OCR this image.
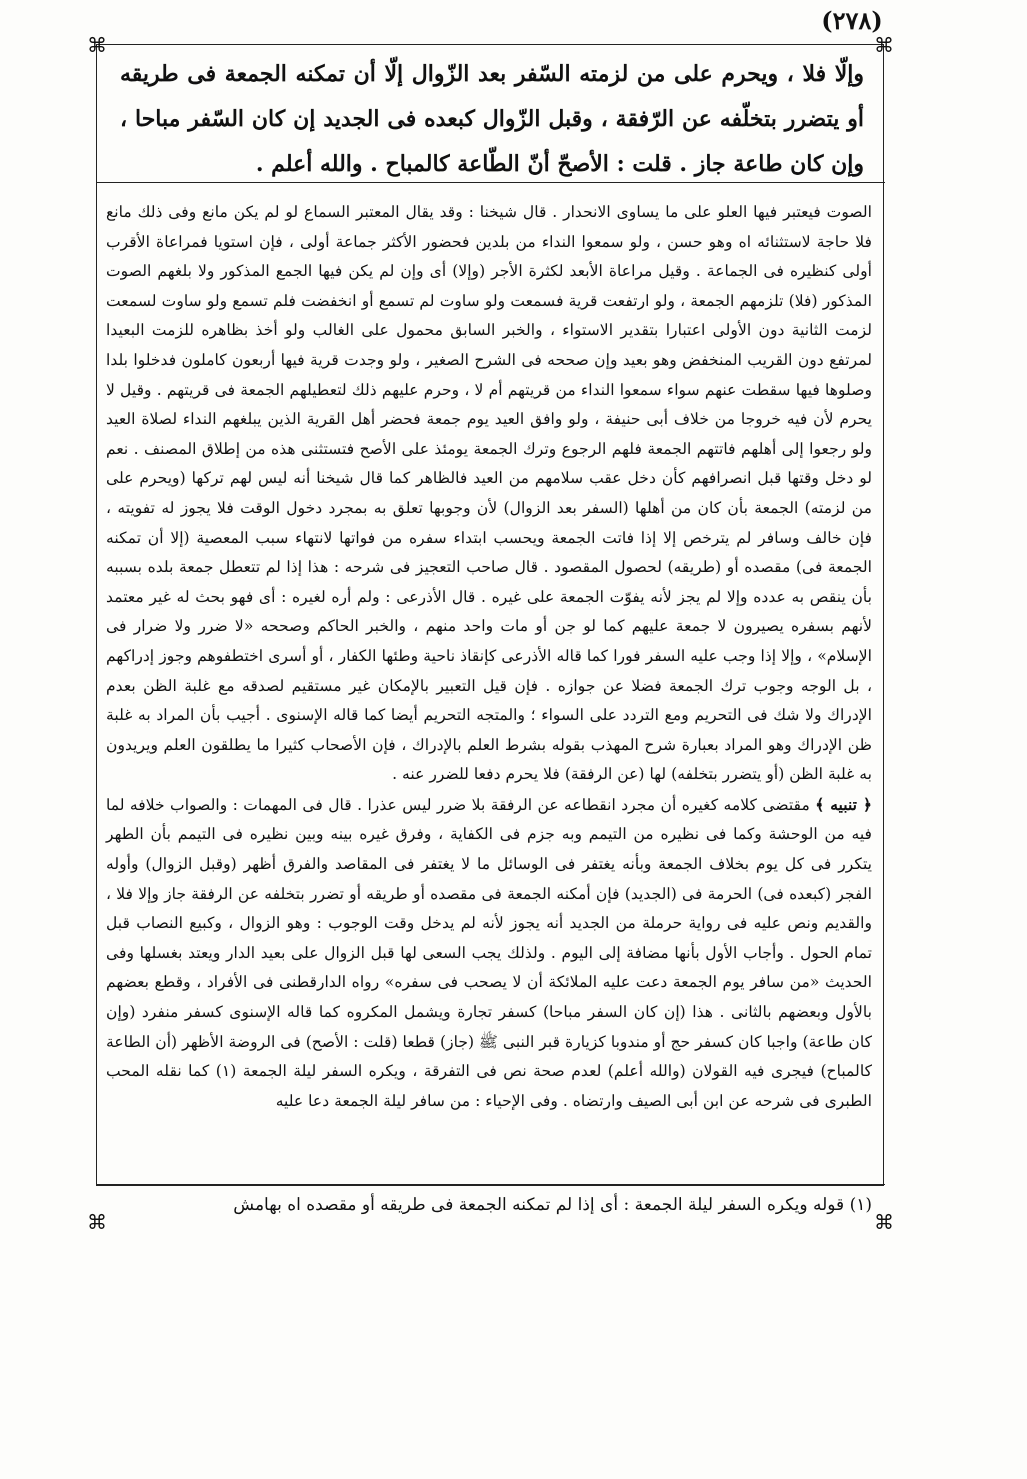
(٢٧٨)
⌘	⌘
⌘	⌘

وإلّا فلا ، ويحرم على من لزمته السّفر بعد الزّوال إلّا أن تمكنه الجمعة فى طريقه أو يتضرر بتخلّفه عن الرّفقة ، وقبل الزّوال كبعده فى الجديد إن كان السّفر مباحا ، وإن كان طاعة جاز . قلت : الأصحّ أنّ الطّاعة كالمباح . والله أعلم .

الصوت فيعتبر فيها العلو على ما يساوى الانحدار . قال شيخنا : وقد يقال المعتبر السماع لو لم يكن مانع وفى ذلك مانع فلا حاجة لاستثنائه اه وهو حسن ، ولو سمعوا النداء من بلدين فحضور الأكثر جماعة أولى ، فإن استويا فمراعاة الأقرب أولى كنظيره فى الجماعة . وقيل مراعاة الأبعد لكثرة الأجر (وإلا) أى وإن لم يكن فيها الجمع المذكور ولا بلغهم الصوت المذكور (فلا) تلزمهم الجمعة ، ولو ارتفعت قرية فسمعت ولو ساوت لم تسمع أو انخفضت فلم تسمع ولو ساوت لسمعت لزمت الثانية دون الأولى اعتبارا بتقدير الاستواء ، والخبر السابق محمول على الغالب ولو أخذ بظاهره للزمت البعيدا لمرتفع دون القريب المنخفض وهو بعيد وإن صححه فى الشرح الصغير ، ولو وجدت قرية فيها أربعون كاملون فدخلوا بلدا وصلوها فيها سقطت عنهم سواء سمعوا النداء من قريتهم أم لا ، وحرم عليهم ذلك لتعطيلهم الجمعة فى قريتهم . وقيل لا يحرم لأن فيه خروجا من خلاف أبى حنيفة ، ولو وافق العيد يوم جمعة فحضر أهل القرية الذين يبلغهم النداء لصلاة العيد ولو رجعوا إلى أهلهم فاتتهم الجمعة فلهم الرجوع وترك الجمعة يومئذ على الأصح فتستثنى هذه من إطلاق المصنف . نعم لو دخل وقتها قبل انصرافهم كأن دخل عقب سلامهم من العيد فالظاهر كما قال شيخنا أنه ليس لهم تركها (ويحرم على من لزمته) الجمعة بأن كان من أهلها (السفر بعد الزوال) لأن وجوبها تعلق به بمجرد دخول الوقت فلا يجوز له تفويته ، فإن خالف وسافر لم يترخص إلا إذا فاتت الجمعة ويحسب ابتداء سفره من فواتها لانتهاء سبب المعصية (إلا أن تمكنه الجمعة فى) مقصده أو (طريقه) لحصول المقصود . قال صاحب التعجيز فى شرحه : هذا إذا لم تتعطل جمعة بلده بسببه بأن ينقص به عدده وإلا لم يجز لأنه يفوّت الجمعة على غيره . قال الأذرعى : ولم أره لغيره : أى فهو بحث له غير معتمد لأنهم بسفره يصيرون لا جمعة عليهم كما لو جن أو مات واحد منهم ، والخبر الحاكم وصححه «لا ضرر ولا ضرار فى الإسلام» ، وإلا إذا وجب عليه السفر فورا كما قاله الأذرعى كإنقاذ ناحية وطئها الكفار ، أو أسرى اختطفوهم وجوز إدراكهم ، بل الوجه وجوب ترك الجمعة فضلا عن جوازه . فإن قيل التعبير بالإمكان غير مستقيم لصدقه مع غلبة الظن بعدم الإدراك ولا شك فى التحريم ومع التردد على السواء ؛ والمتجه التحريم أيضا كما قاله الإسنوى . أجيب بأن المراد به غلبة ظن الإدراك وهو المراد بعبارة شرح المهذب بقوله بشرط العلم بالإدراك ، فإن الأصحاب كثيرا ما يطلقون العلم ويريدون به غلبة الظن (أو يتضرر بتخلفه) لها (عن الرفقة) فلا يحرم دفعا للضرر عنه .

﴿ تنبيه ﴾ مقتضى كلامه كغيره أن مجرد انقطاعه عن الرفقة بلا ضرر ليس عذرا . قال فى المهمات : والصواب خلافه لما فيه من الوحشة وكما فى نظيره من التيمم وبه جزم فى الكفاية ، وفرق غيره بينه وبين نظيره فى التيمم بأن الطهر يتكرر فى كل يوم بخلاف الجمعة وبأنه يغتفر فى الوسائل ما لا يغتفر فى المقاصد والفرق أظهر (وقبل الزوال) وأوله الفجر (كبعده فى) الحرمة فى (الجديد) فإن أمكنه الجمعة فى مقصده أو طريقه أو تضرر بتخلفه عن الرفقة جاز وإلا فلا ، والقديم ونص عليه فى رواية حرملة من الجديد أنه يجوز لأنه لم يدخل وقت الوجوب : وهو الزوال ، وكبيع النصاب قبل تمام الحول . وأجاب الأول بأنها مضافة إلى اليوم . ولذلك يجب السعى لها قبل الزوال على بعيد الدار ويعتد بغسلها وفى الحديث «من سافر يوم الجمعة دعت عليه الملائكة أن لا يصحب فى سفره» رواه الدارقطنى فى الأفراد ، وقطع بعضهم بالأول وبعضهم بالثانى . هذا (إن كان السفر مباحا) كسفر تجارة ويشمل المكروه كما قاله الإسنوى كسفر منفرد (وإن كان طاعة) واجبا كان كسفر حج أو مندوبا كزيارة قبر النبى ﷺ (جاز) قطعا (قلت : الأصح) فى الروضة الأظهر (أن الطاعة كالمباح) فيجرى فيه القولان (والله أعلم) لعدم صحة نص فى التفرقة ، ويكره السفر ليلة الجمعة (١) كما نقله المحب الطبرى فى شرحه عن ابن أبى الصيف وارتضاه . وفى الإحياء : من سافر ليلة الجمعة دعا عليه

(١) قوله ويكره السفر ليلة الجمعة : أى إذا لم تمكنه الجمعة فى طريقه أو مقصده اه بهامش
